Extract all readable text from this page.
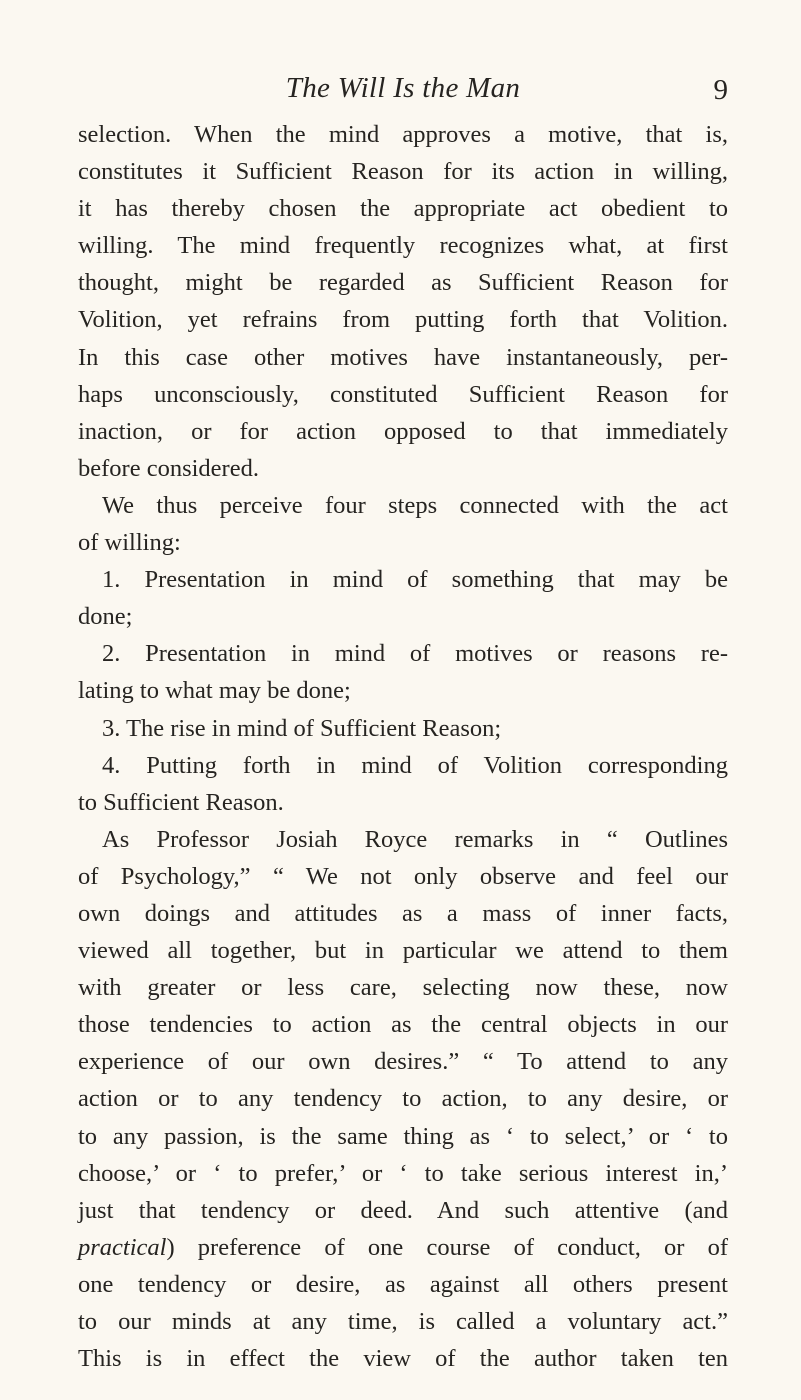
The Will Is the Man	9
selection. When the mind approves a motive, that is,
constitutes it Sufficient Reason for its action in willing,
it has thereby chosen the appropriate act obedient to
willing. The mind frequently recognizes what, at first
thought, might be regarded as Sufficient Reason for
Volition, yet refrains from putting forth that Volition.
In this case other motives have instantaneously, per-
haps unconsciously, constituted Sufficient Reason for
inaction, or for action opposed to that immediately
before considered.
We thus perceive four steps connected with the act
of willing:
1. Presentation in mind of something that may be
done;
2. Presentation in mind of motives or reasons re-
lating to what may be done;
3. The rise in mind of Sufficient Reason;
4. Putting forth in mind of Volition corresponding
to Sufficient Reason.
As Professor Josiah Royce remarks in “ Outlines
of Psychology,” “ We not only observe and feel our
own doings and attitudes as a mass of inner facts,
viewed all together, but in particular we attend to them
with greater or less care, selecting now these, now
those tendencies to action as the central objects in our
experience of our own desires.” “ To attend to any
action or to any tendency to action, to any desire, or
to any passion, is the same thing as ‘ to select,’ or ‘ to
choose,’ or ‘ to prefer,’ or ‘ to take serious interest in,’
just that tendency or deed. And such attentive (and
practical) preference of one course of conduct, or of
one tendency or desire, as against all others present
to our minds at any time, is called a voluntary act.”
This is in effect the view of the author taken ten
